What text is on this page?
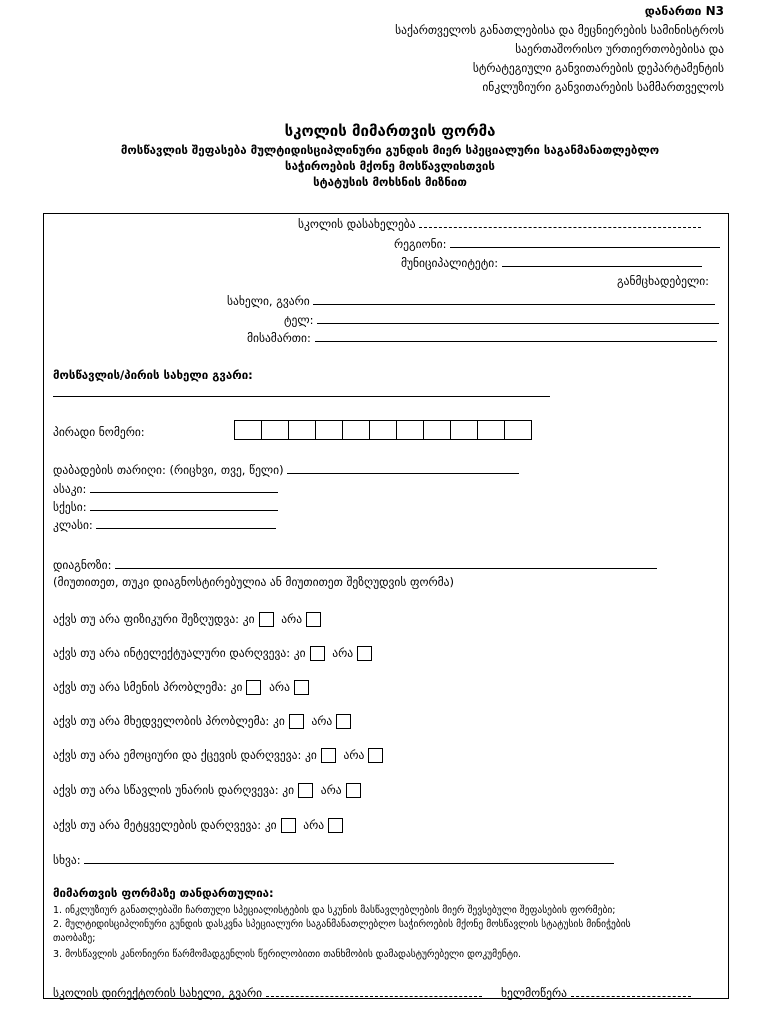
დანართი N3
საქართველოს განათლებისა და მეცნიერების სამინისტროს
საერთაშორისო ურთიერთობებისა და
სტრატეგიული განვითარების დეპარტამენტის
ინკლუზიური განვითარების სამმართველოს
სკოლის მიმართვის ფორმა
მოსწავლის შეფასება მულტიდისციპლინური გუნდის მიერ სპეციალური საგანმანათლებლო
საჭიროების მქონე მოსწავლისთვის
სტატუსის მოხსნის მიზნით
სკოლის დასახელება
რეგიონი:
მუნიციპალიტეტი:
განმცხადებელი:
სახელი, გვარი
ტელ:
მისამართი:
მოსწავლის/პირის სახელი გვარი:
პირადი ნომერი:
დაბადების თარიღი: (რიცხვი, თვე, წელი)
ასაკი:
სქესი:
კლასი:
დიაგნოზი:
(მიუთითეთ, თუკი დიაგნოსტირებულია ან მიუთითეთ შეზღუდვის ფორმა)
აქვს თუ არა ფიზიკური შეზღუდვა: კი არა
აქვს თუ არა ინტელექტუალური დარღვევა: კი არა
აქვს თუ არა სმენის პრობლემა: კი არა
აქვს თუ არა მხედველობის პრობლემა: კი არა
აქვს თუ არა ემოციური და ქცევის დარღვევა: კი არა
აქვს თუ არა სწავლის უნარის დარღვევა: კი არა
აქვს თუ არა მეტყველების დარღვევა: კი არა
სხვა:
მიმართვის ფორმაზე თანდართულია:
1. ინკლუზიურ განათლებაში ჩართული სპეციალისტების და სკუნის მასწავლებლების მიერ შევსებული შეფასების ფორმები;
2. მულტიდისციპლინური გუნდის დასკვნა სპეციალური საგანმანათლებლო საჭიროების მქონე მოსწავლის სტატუსის მინიჭების
თაობაზე;
3. მოსწავლის კანონიერი წარმომადგენლის წერილობითი თანხმობის დამადასტურებელი დოკუმენტი.
სკოლის დირექტორის სახელი, გვარი	ხელმოწერა
